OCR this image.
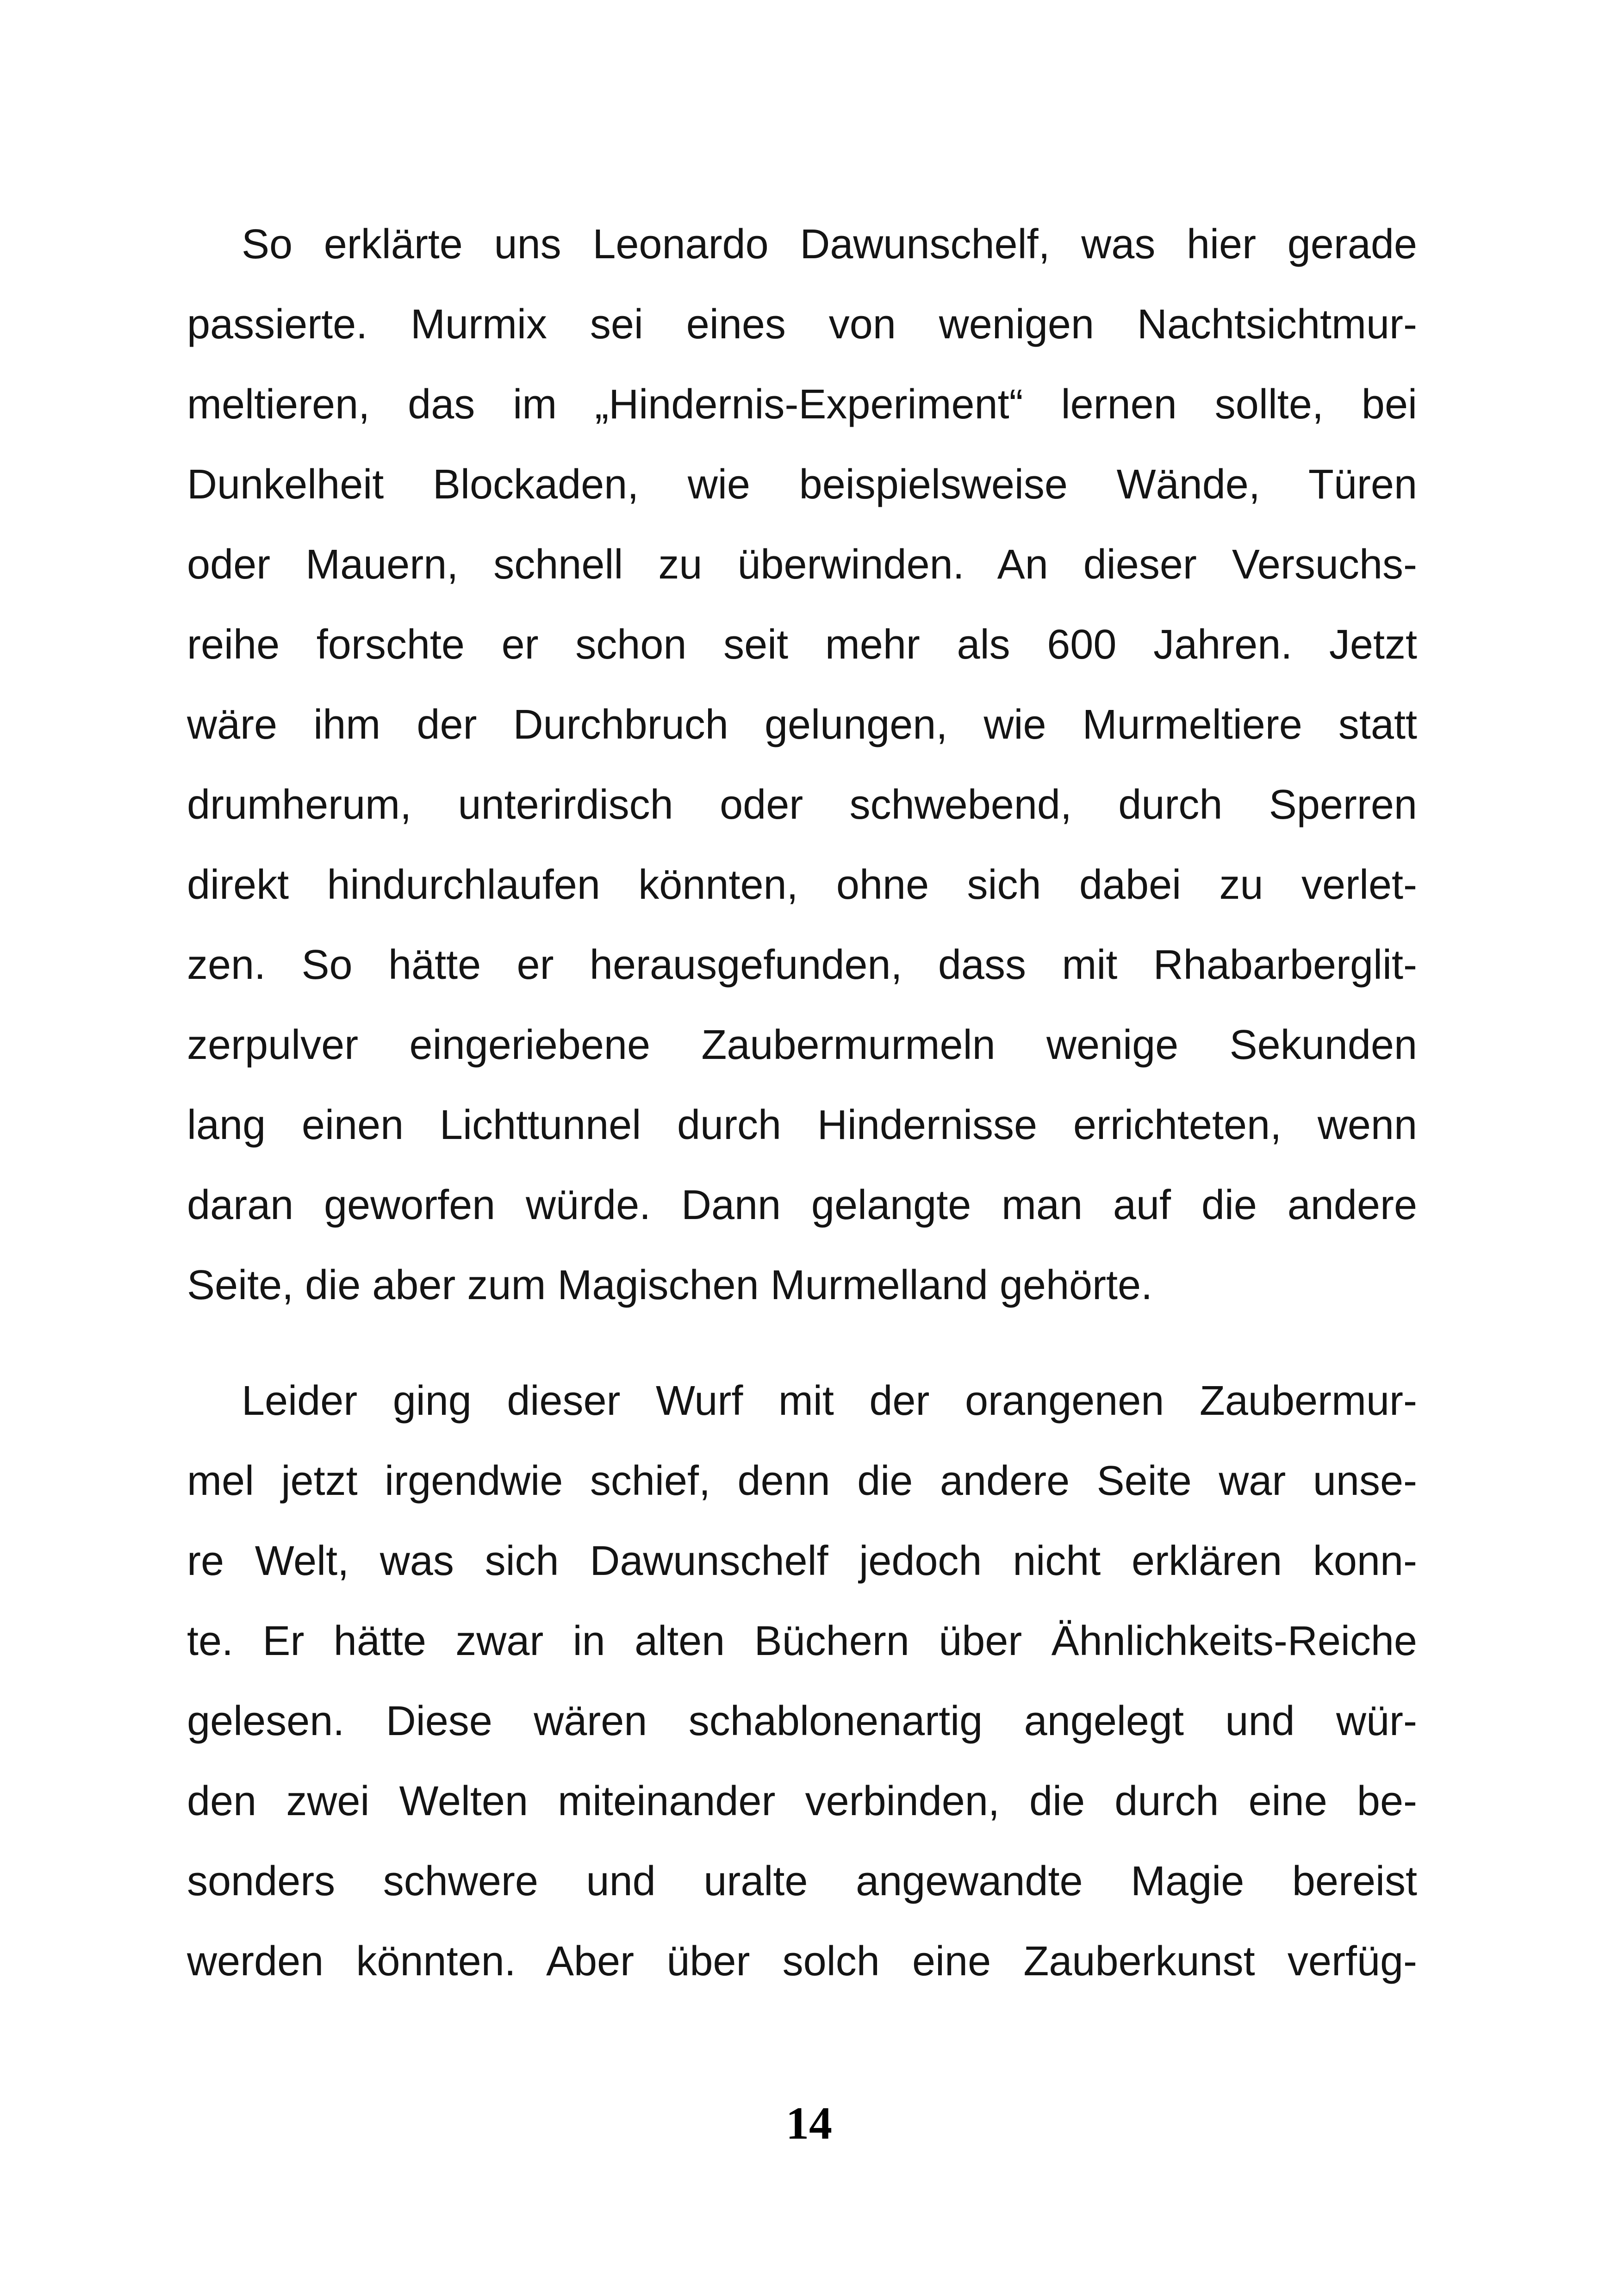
So erklärte uns Leonardo Dawunschelf, was hier gerade
passierte. Murmix sei eines von wenigen Nachtsichtmur-
meltieren, das im „Hindernis-Experiment“ lernen sollte, bei
Dunkelheit Blockaden, wie beispielsweise Wände, Türen
oder Mauern, schnell zu überwinden. An dieser Versuchs-
reihe forschte er schon seit mehr als 600 Jahren. Jetzt
wäre ihm der Durchbruch gelungen, wie Murmeltiere statt
drumherum, unterirdisch oder schwebend, durch Sperren
direkt hindurchlaufen könnten, ohne sich dabei zu verlet-
zen. So hätte er herausgefunden, dass mit Rhabarberglit-
zerpulver eingeriebene Zaubermurmeln wenige Sekunden
lang einen Lichttunnel durch Hindernisse errichteten, wenn
daran geworfen würde. Dann gelangte man auf die andere
Seite, die aber zum Magischen Murmelland gehörte.
Leider ging dieser Wurf mit der orangenen Zaubermur-
mel jetzt irgendwie schief, denn die andere Seite war unse-
re Welt, was sich Dawunschelf jedoch nicht erklären konn-
te. Er hätte zwar in alten Büchern über Ähnlichkeits-Reiche
gelesen. Diese wären schablonenartig angelegt und wür-
den zwei Welten miteinander verbinden, die durch eine be-
sonders schwere und uralte angewandte Magie bereist
werden könnten. Aber über solch eine Zauberkunst verfüg-
14
